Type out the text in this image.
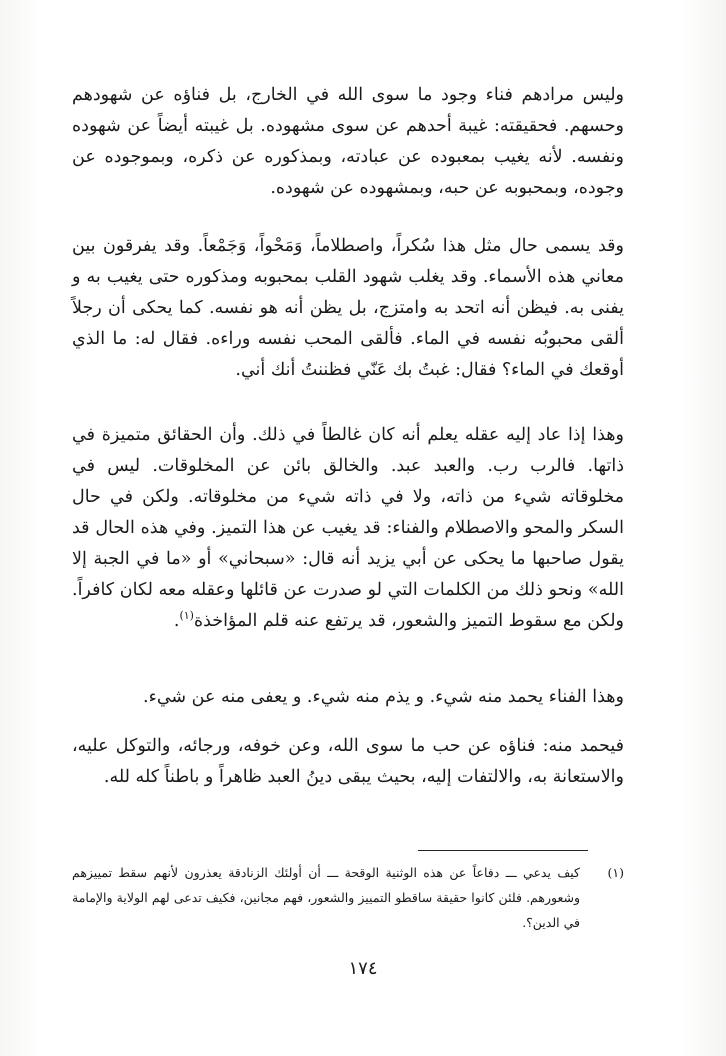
وليس مرادهم فناء وجود ما سوى الله في الخارج، بل فناؤه عن شهودهم وحسهم. فحقيقته: غيبة أحدهم عن سوى مشهوده. بل غيبته أيضاً عن شهوده ونفسه. لأنه يغيب بمعبوده عن عبادته، وبمذكوره عن ذكره، وبموجوده عن وجوده، وبمحبوبه عن حبه، وبمشهوده عن شهوده.

وقد يسمى حال مثل هذا سُكراً، واصطلاماً، وَمَحْواً، وَجَمْعاً. وقد يفرقون بين معاني هذه الأسماء. وقد يغلب شهود القلب بمحبوبه ومذكوره حتى يغيب به و يفنى به. فيظن أنه اتحد به وامتزج، بل يظن أنه هو نفسه. كما يحكى أن رجلاً ألقى محبوبُه نفسه في الماء. فألقى المحب نفسه وراءه. فقال له: ما الذي أوقعك في الماء؟ فقال: غبتُ بك عَنّي فظننتُ أنك أني.

وهذا إذا عاد إليه عقله يعلم أنه كان غالطاً في ذلك. وأن الحقائق متميزة في ذاتها. فالرب رب. والعبد عبد. والخالق بائن عن المخلوقات. ليس في مخلوقاته شيء من ذاته، ولا في ذاته شيء من مخلوقاته. ولكن في حال السكر والمحو والاصطلام والفناء: قد يغيب عن هذا التميز. وفي هذه الحال قد يقول صاحبها ما يحكى عن أبي يزيد أنه قال: «سبحاني» أو «ما في الجبة إلا الله» ونحو ذلك من الكلمات التي لو صدرت عن قائلها وعقله معه لكان كافراً. ولكن مع سقوط التميز والشعور، قد يرتفع عنه قلم المؤاخذة$^{(١)}$.

وهذا الفناء يحمد منه شيء. و يذم منه شيء. و يعفى منه عن شيء.

فيحمد منه: فناؤه عن حب ما سوى الله، وعن خوفه، ورجائه، والتوكل عليه، والاستعانة به، والالتفات إليه، بحيث يبقى دينُ العبد ظاهراً و باطناً كله لله.

(١)
كيف يدعي ـــ دفاعاً عن هذه الوثنية الوقحة ـــ أن أولئك الزنادقة يعذرون لأنهم سقط تمييزهم وشعورهم. فلئن كانوا حقيقة ساقطو التمييز والشعور، فهم مجانين، فكيف تدعى لهم الولاية والإمامة في الدين؟.
١٧٤
